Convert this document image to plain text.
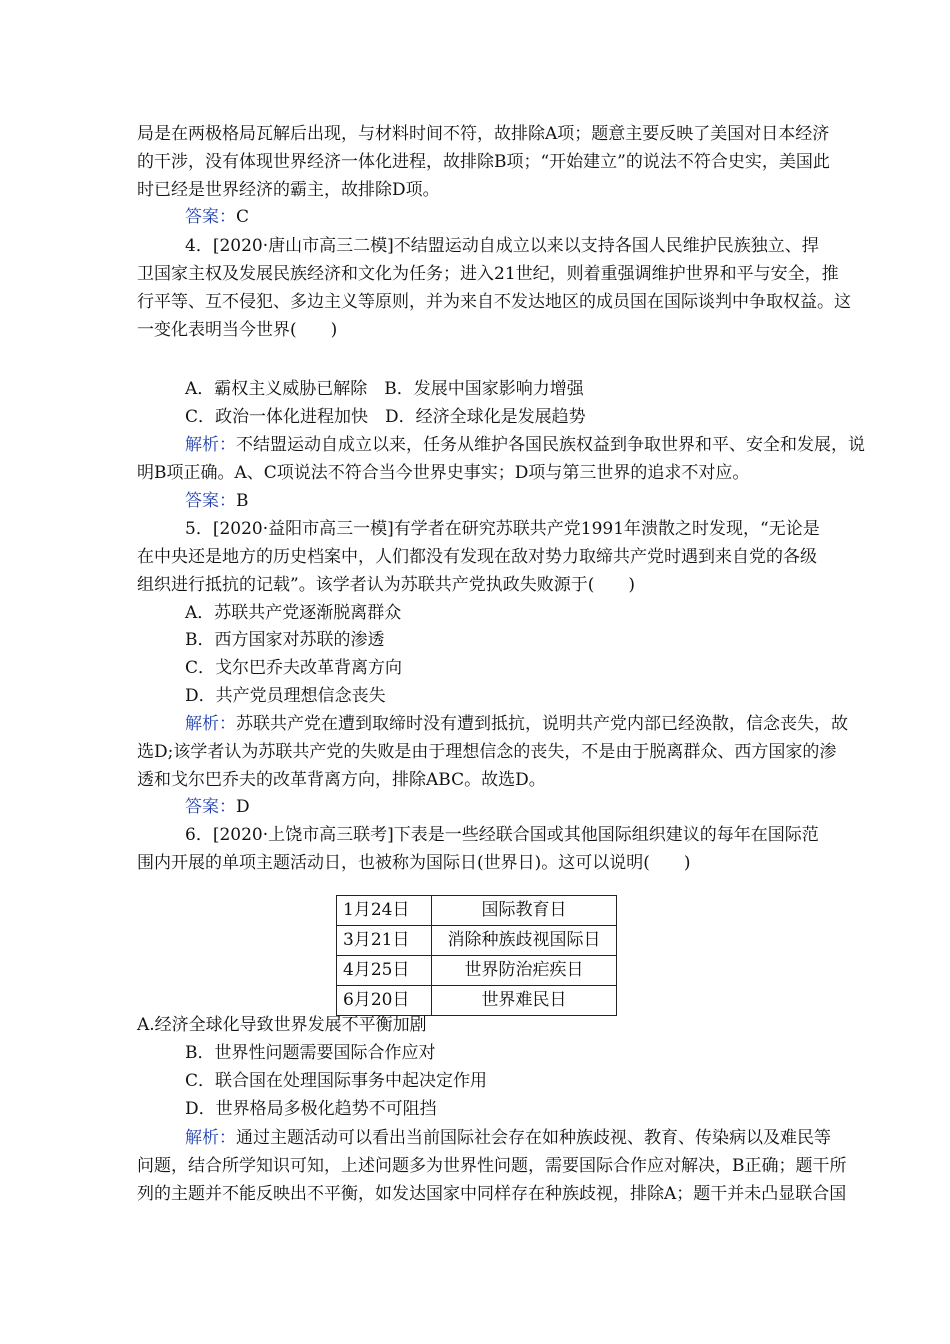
局是在两极格局瓦解后出现，与材料时间不符，故排除A项；题意主要反映了美国对日本经济
的干涉，没有体现世界经济一体化进程，故排除B项；“开始建立”的说法不符合史实，美国此
时已经是世界经济的霸主，故排除D项。
答案：C
4．[2020·唐山市高三二模]不结盟运动自成立以来以支持各国人民维护民族独立、捍
卫国家主权及发展民族经济和文化为任务；进入21世纪，则着重强调维护世界和平与安全，推
行平等、互不侵犯、多边主义等原则，并为来自不发达地区的成员国在国际谈判中争取权益。这
一变化表明当今世界(　　)
A．霸权主义威胁已解除　B．发展中国家影响力增强
C．政治一体化进程加快　D．经济全球化是发展趋势
解析：不结盟运动自成立以来，任务从维护各国民族权益到争取世界和平、安全和发展，说
明B项正确。A、C项说法不符合当今世界史事实；D项与第三世界的追求不对应。
答案：B
5．[2020·益阳市高三一模]有学者在研究苏联共产党1991年溃散之时发现，“无论是
在中央还是地方的历史档案中，人们都没有发现在敌对势力取缔共产党时遇到来自党的各级
组织进行抵抗的记载”。该学者认为苏联共产党执政失败源于(　　)
A．苏联共产党逐渐脱离群众
B．西方国家对苏联的渗透
C．戈尔巴乔夫改革背离方向
D．共产党员理想信念丧失
解析：苏联共产党在遭到取缔时没有遭到抵抗，说明共产党内部已经涣散，信念丧失，故
选D;该学者认为苏联共产党的失败是由于理想信念的丧失，不是由于脱离群众、西方国家的渗
透和戈尔巴乔夫的改革背离方向，排除ABC。故选D。
答案：D
6．[2020·上饶市高三联考]下表是一些经联合国或其他国际组织建议的每年在国际范
围内开展的单项主题活动日，也被称为国际日(世界日)。这可以说明(　　)
1月24日	国际教育日
3月21日	消除种族歧视国际日
4月25日	世界防治疟疾日
6月20日	世界难民日
A.经济全球化导致世界发展不平衡加剧
B．世界性问题需要国际合作应对
C．联合国在处理国际事务中起决定作用
D．世界格局多极化趋势不可阻挡
解析：通过主题活动可以看出当前国际社会存在如种族歧视、教育、传染病以及难民等
问题，结合所学知识可知，上述问题多为世界性问题，需要国际合作应对解决，B正确；题干所
列的主题并不能反映出不平衡，如发达国家中同样存在种族歧视，排除A；题干并未凸显联合国
